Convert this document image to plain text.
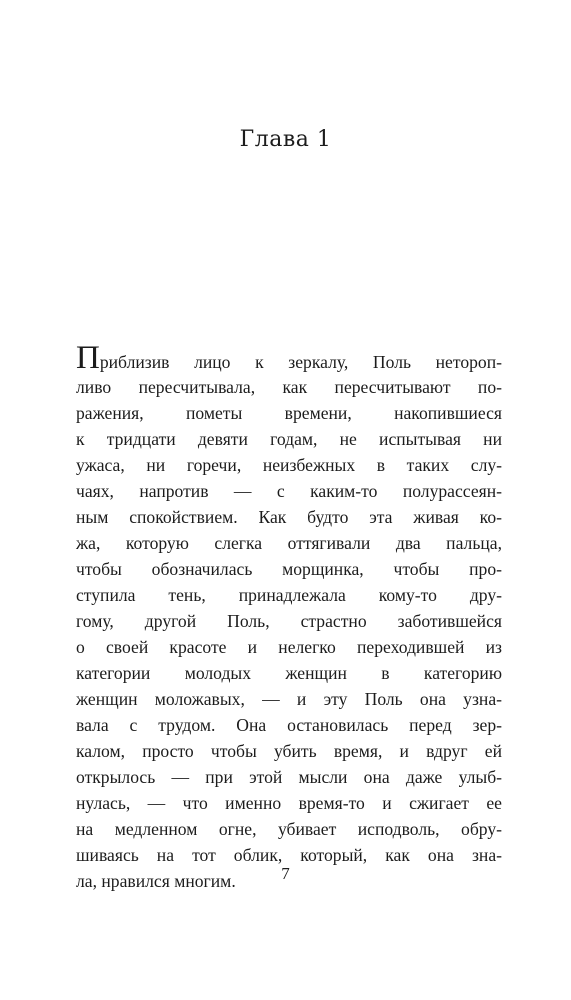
Глава 1
Приблизив лицо к зеркалу, Поль нетороп-
ливо пересчитывала, как пересчитывают по-
ражения, пометы времени, накопившиеся
к тридцати девяти годам, не испытывая ни
ужаса, ни горечи, неизбежных в таких слу-
чаях, напротив — с каким-то полурассеян-
ным спокойствием. Как будто эта живая ко-
жа, которую слегка оттягивали два пальца,
чтобы обозначилась морщинка, чтобы про-
ступила тень, принадлежала кому-то дру-
гому, другой Поль, страстно заботившейся
о своей красоте и нелегко переходившей из
категории молодых женщин в категорию
женщин моложавых, — и эту Поль она узна-
вала с трудом. Она остановилась перед зер-
калом, просто чтобы убить время, и вдруг ей
открылось — при этой мысли она даже улыб-
нулась, — что именно время-то и сжигает ее
на медленном огне, убивает исподволь, обру-
шиваясь на тот облик, который, как она зна-
ла, нравился многим.	7
